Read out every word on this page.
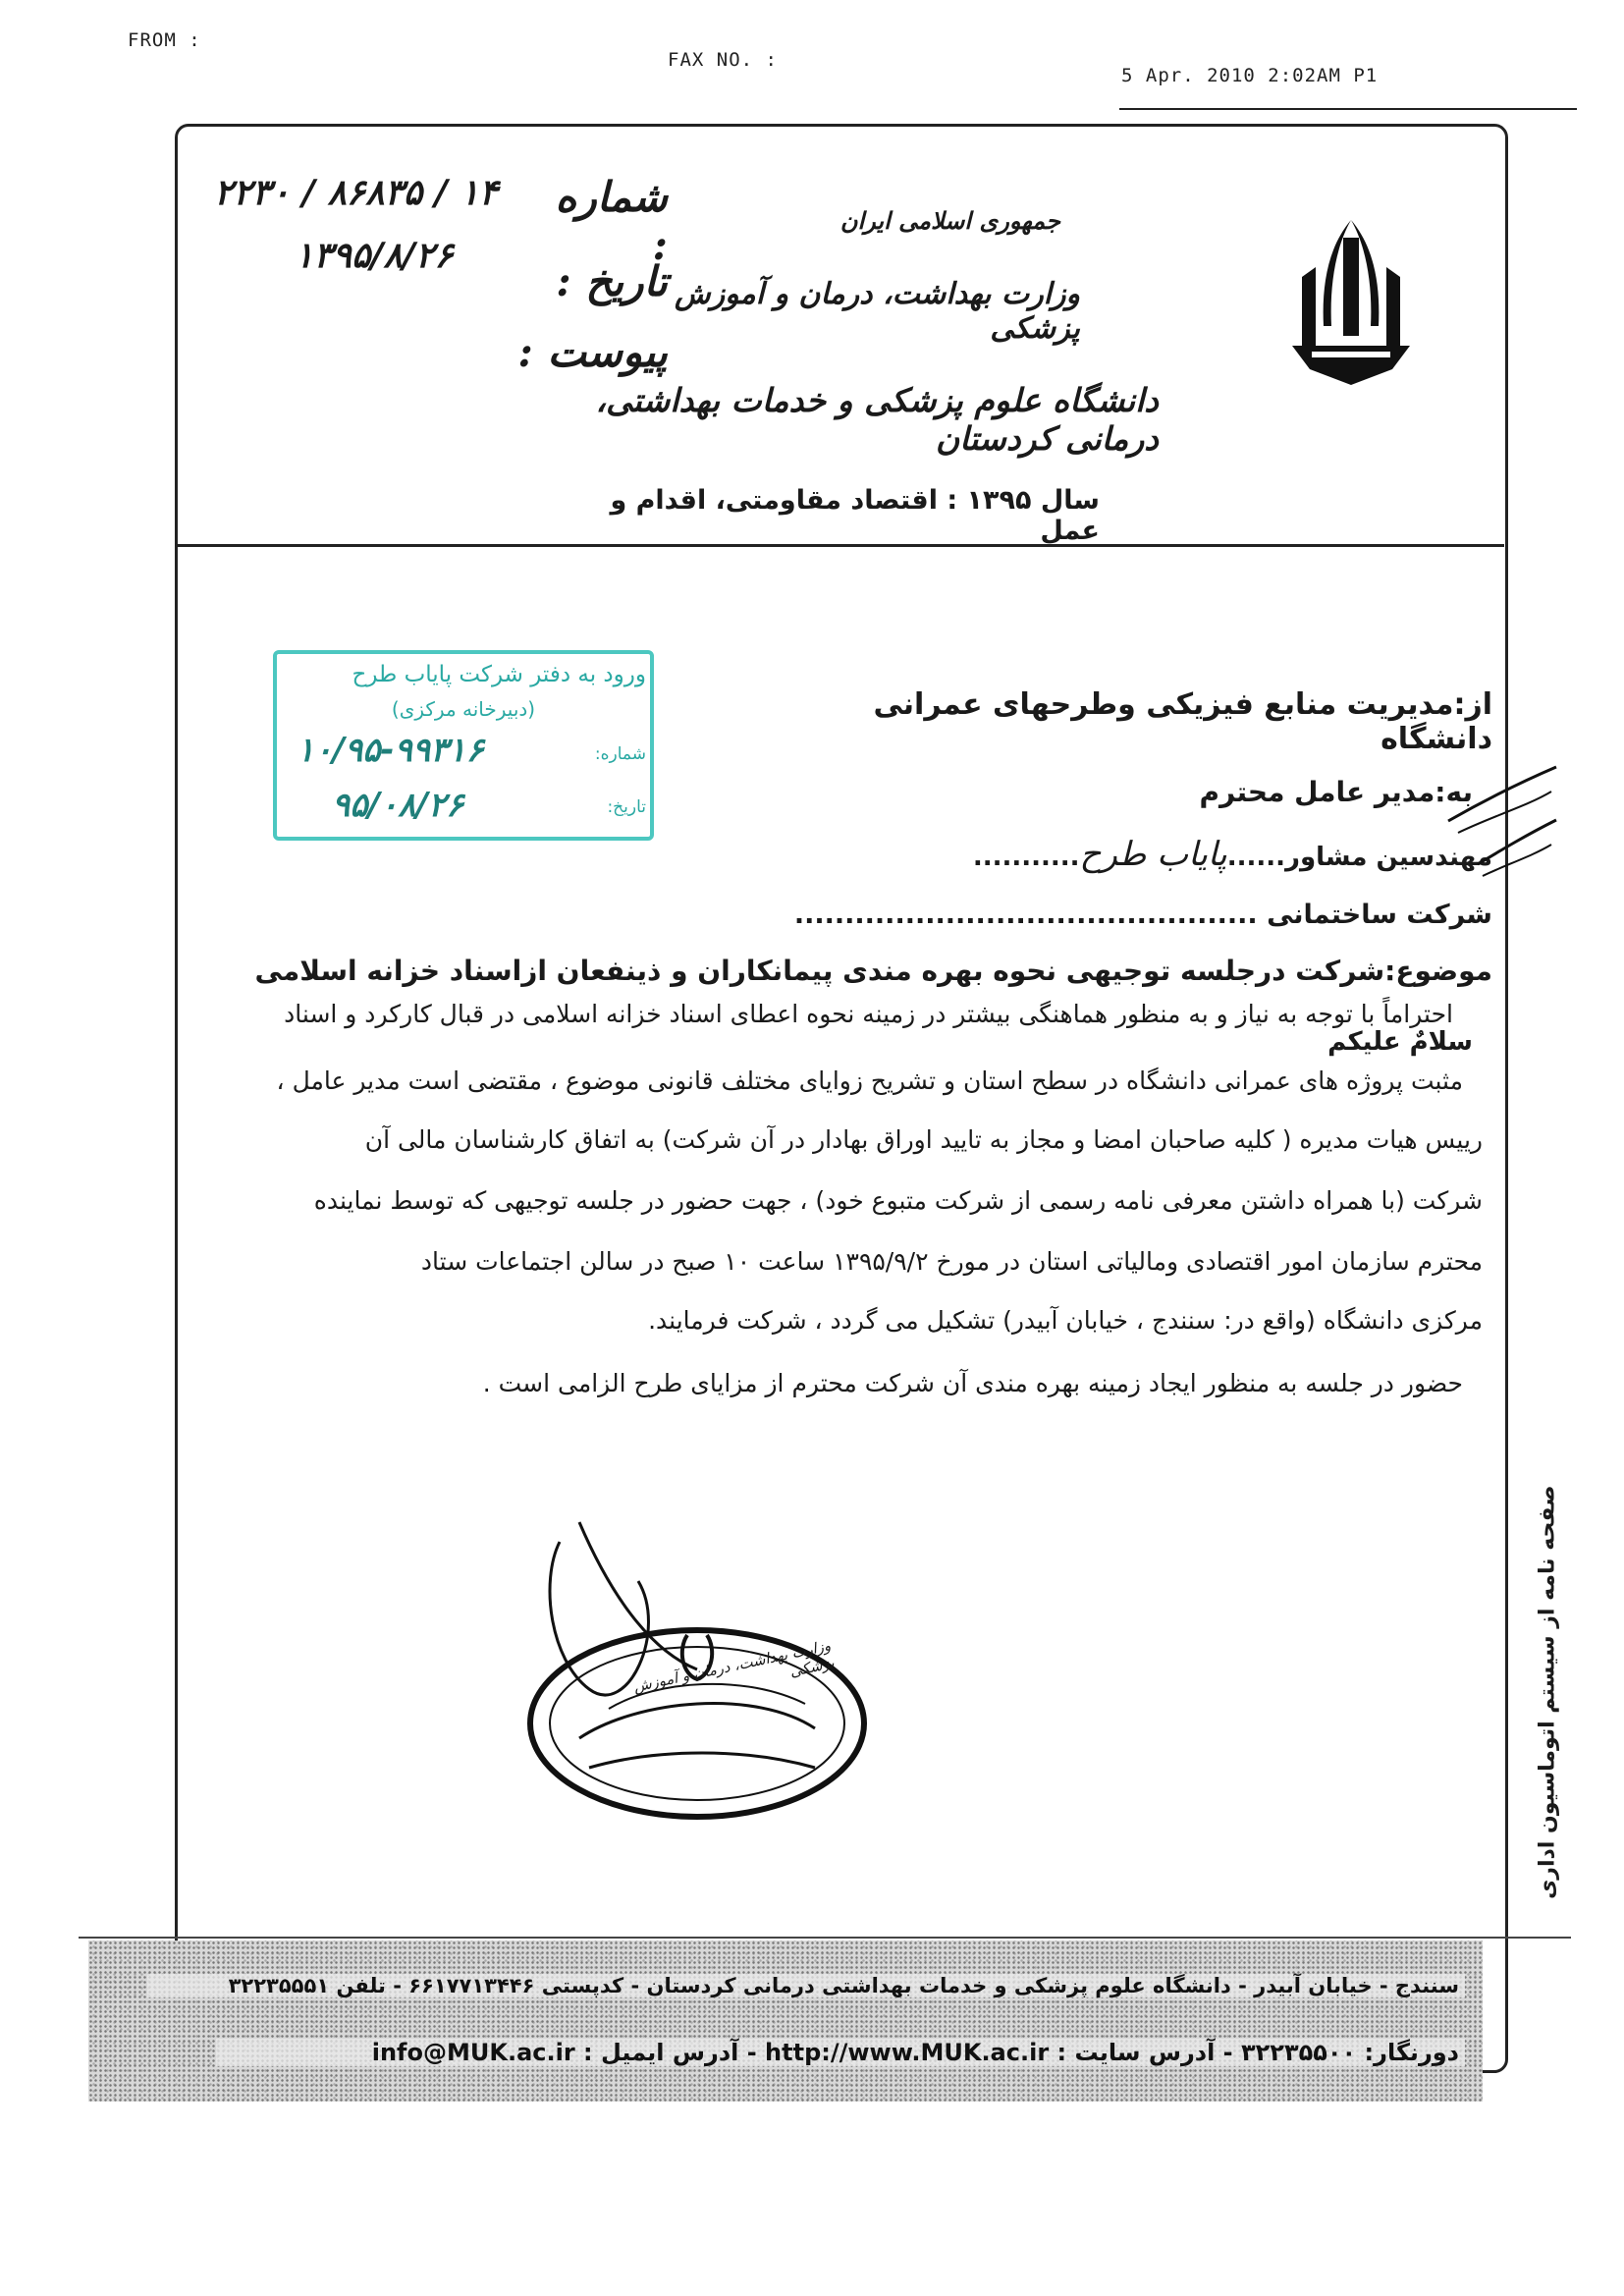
FROM :
FAX NO. :
5 Apr. 2010 2:02AM P1
جمهوری اسلامی ایران
وزارت بهداشت، درمان و آموزش پزشکی
دانشگاه علوم پزشکی و خدمات بهداشتی، درمانی کردستان
شماره :
۱۴ / ۸۶۸۳۵ / ۲۲۳۰
تاریخ :
۱۳۹۵/۸/۲۶
پیوست :
سال ۱۳۹۵ : اقتصاد مقاومتی، اقدام و عمل
ورود به دفتر شرکت پایاب طرح
(دبیرخانه مرکزی)
شماره:
۱۰/۹۵-۹۹۳۱۶
تاریخ:
۹۵/۰۸/۲۶
از:مدیریت منابع فیزیکی وطرحهای عمرانی دانشگاه
به:مدیر عامل محترم
مهندسین مشاور......پایاب طرح...........
شرکت ساختمانی ..............................................
موضوع:شرکت درجلسه توجیهی نحوه بهره مندی پیمانکاران و ذینفعان ازاسناد خزانه اسلامی
سلامٌ علیکم
احتراماً با توجه به نیاز و به منظور هماهنگی بیشتر در زمینه نحوه اعطای اسناد خزانه اسلامی در قبال کارکرد و اسناد
مثبت پروژه های عمرانی دانشگاه در سطح استان و تشریح زوایای مختلف قانونی موضوع ، مقتضی است مدیر عامل ،
رییس هیات مدیره ( کلیه صاحبان امضا و مجاز به تایید اوراق بهادار در آن شرکت) به اتفاق کارشناسان مالی آن
شرکت (با همراه داشتن معرفی نامه رسمی از شرکت متبوع خود) ، جهت حضور در جلسه توجیهی که توسط نماینده
محترم سازمان امور اقتصادی ومالیاتی استان در مورخ ۱۳۹۵/۹/۲ ساعت ۱۰ صبح در سالن اجتماعات ستاد
مرکزی دانشگاه (واقع در: سنندج ، خیابان آبیدر) تشکیل می گردد ، شرکت فرمایند.
حضور در جلسه به منظور ایجاد زمینه بهره مندی آن شرکت محترم از مزایای طرح الزامی است .
وزارت بهداشت، درمان و آموزش پزشکی	صفحه نامه از سیستم اتوماسیون اداری
سنندج - خیابان آبیدر - دانشگاه علوم پزشکی و خدمات بهداشتی درمانی کردستان - کدپستی ۶۶۱۷۷۱۳۴۴۶ - تلفن ۳۲۲۳۵۵۵۱
دورنگار: ۳۲۲۳۵۵۰۰ - آدرس سایت : http://www.MUK.ac.ir - آدرس ایمیل : info@MUK.ac.ir
